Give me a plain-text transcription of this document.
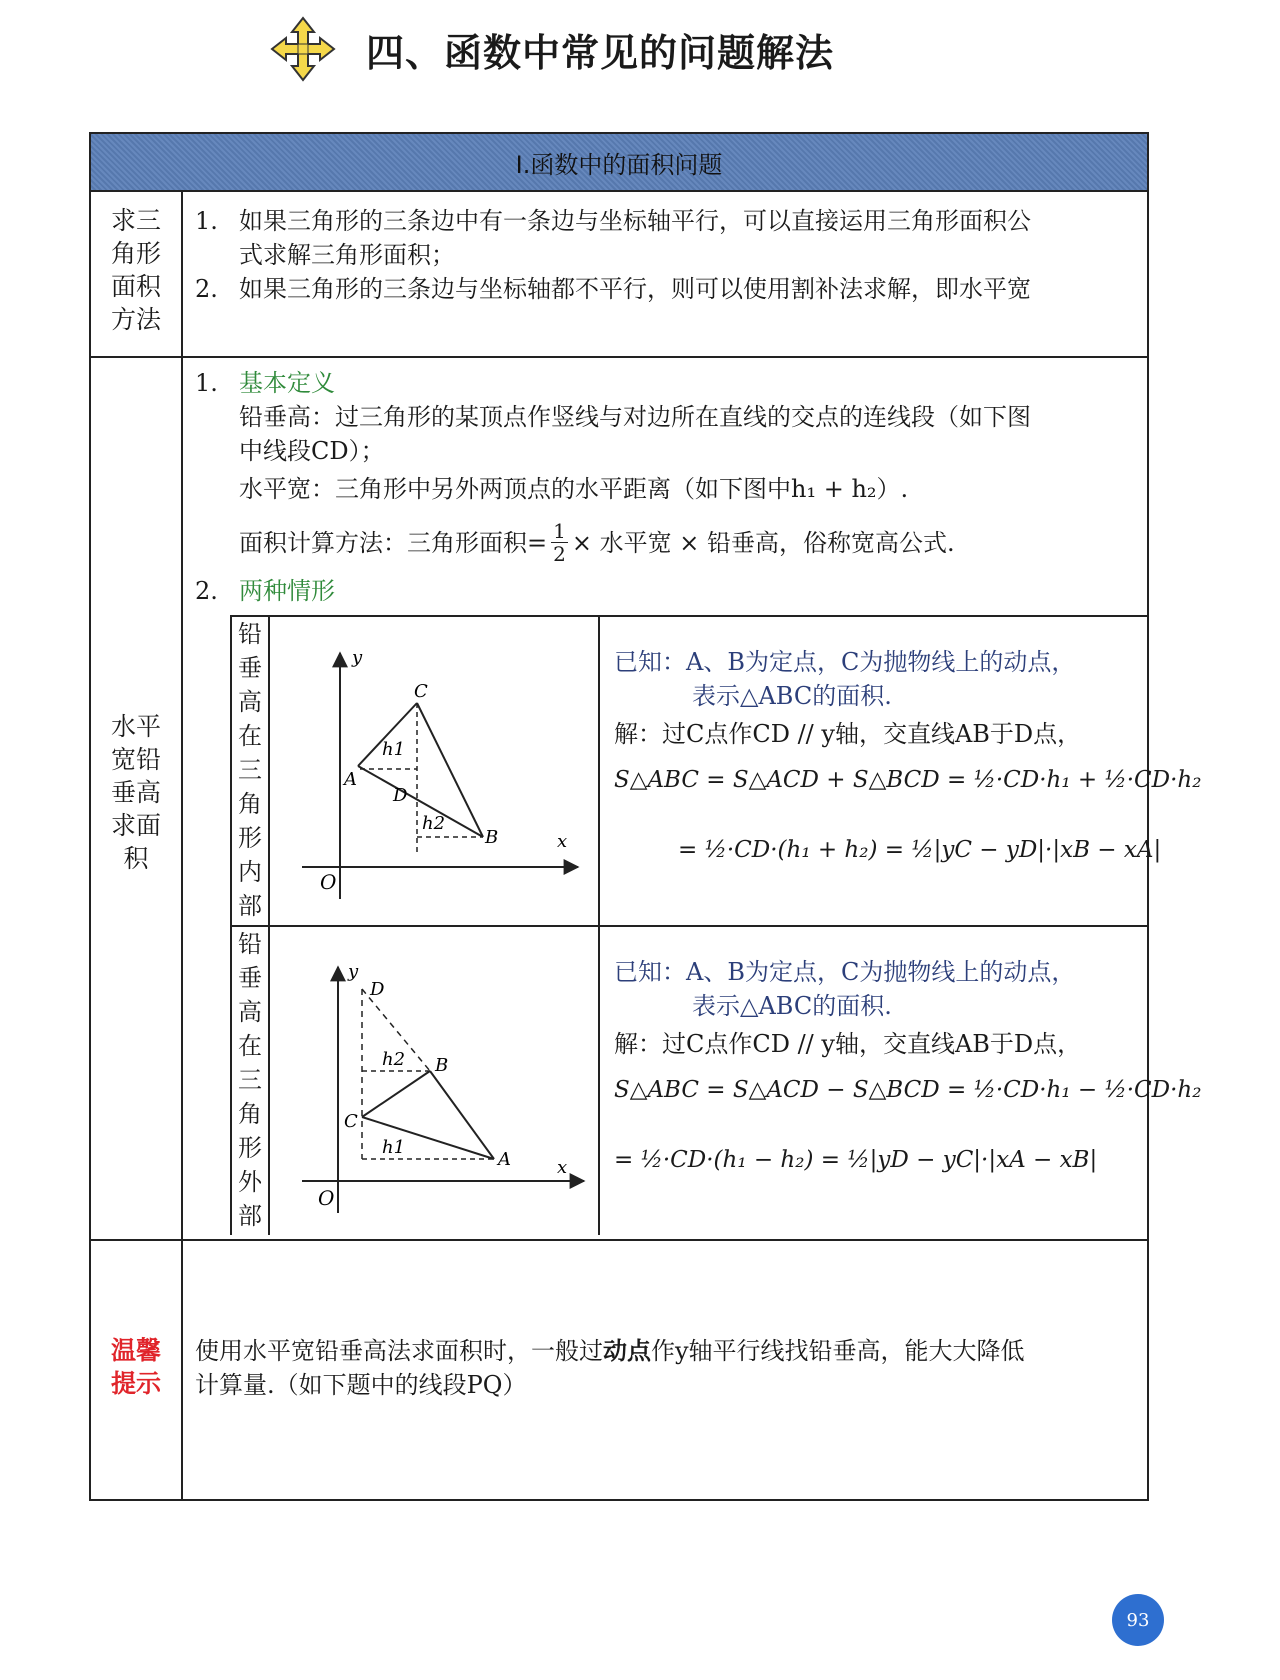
四、函数中常见的问题解法
Ⅰ.函数中的面积问题
求三
角形
面积
方法
1. 如果三角形的三条边中有一条边与坐标轴平行，可以直接运用三角形面积公
式求解三角形面积；
2. 如果三角形的三条边与坐标轴都不平行，则可以使用割补法求解，即水平宽
水平
宽铅
垂高
求面
积
1. 基本定义
铅垂高：过三角形的某顶点作竖线与对边所在直线的交点的连线段（如下图
中线段CD）；
水平宽：三角形中另外两顶点的水平距离（如下图中h₁ + h₂）.
面积计算方法：三角形面积= $\frac{1}{2}$ × 水平宽 × 铅垂高，俗称宽高公式.
2. 两种情形
铅
垂
高
在
三
角
形
内
部
y
x
O
C
A
D
B
h1
h2
已知：A、B为定点，C为抛物线上的动点，
表示△ABC的面积.
解：过C点作CD // y轴，交直线AB于D点，
S△ABC = S△ACD + S△BCD = ½·CD·h₁ + ½·CD·h₂
= ½·CD·(h₁ + h₂) = ½|yC − yD|·|xB − xA|
铅
垂
高
在
三
角
形
外
部
y
x
O
D
B
C
A
h2
h1
已知：A、B为定点，C为抛物线上的动点，
表示△ABC的面积.
解：过C点作CD // y轴，交直线AB于D点，
S△ABC = S△ACD − S△BCD = ½·CD·h₁ − ½·CD·h₂
= ½·CD·(h₁ − h₂) = ½|yD − yC|·|xA − xB|
温馨
提示
使用水平宽铅垂高法求面积时，一般过动点作y轴平行线找铅垂高，能大大降低
计算量.（如下题中的线段PQ）
93
